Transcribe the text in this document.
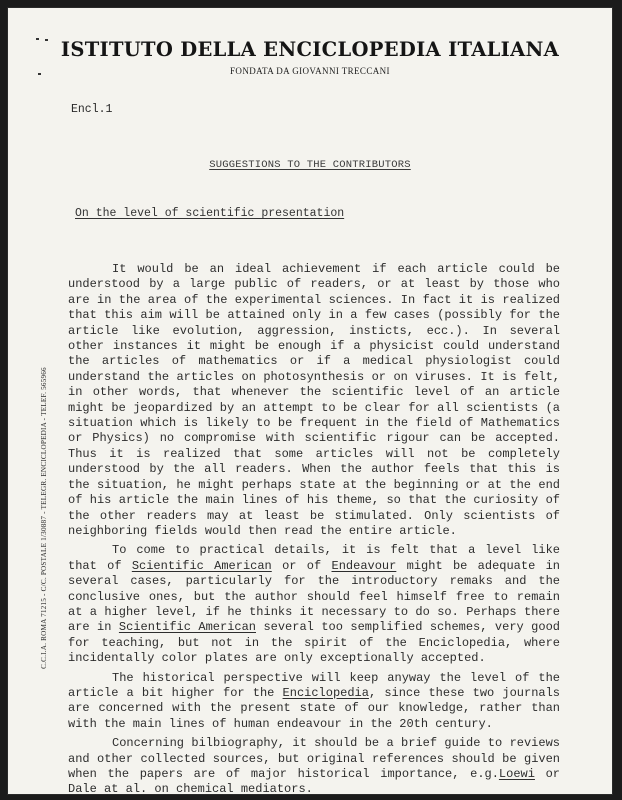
ISTITUTO DELLA ENCICLOPEDIA ITALIANA
FONDATA DA GIOVANNI TRECCANI
Encl.1
SUGGESTIONS TO THE CONTRIBUTORS
On the level of scientific presentation
C.C.I.A. ROMA 71215 - C/C. POSTALE 1/30887 - TELEGR. ENCICLOPEDIA - TELEF. 565966

It would be an ideal achievement if each article could be understood by a large public of readers, or at least by those who are in the area of the experimental sciences. In fact it is realized that this aim will be attained only in a few cases (possibly for the article like evolution, aggression, insticts, ecc.). In several other instances it might be enough if a physicist could understand the articles of mathematics or if a medical physiologist could understand the articles on photosynthesis or on viruses. It is felt, in other words, that whenever the scientific level of an article might be jeopardized by an attempt to be clear for all scientists (a situation which is likely to be frequent in the field of Mathematics or Physics) no compromise with scientific rigour can be accepted. Thus it is realized that some articles will not be completely understood by the all readers. When the author feels that this is the situation, he might perhaps state at the beginning or at the end of his article the main lines of his theme, so that the curiosity of the other readers may at least be stimulated. Only scientists of neighboring fields would then read the entire article.

To come to practical details, it is felt that a level like that of Scientific American or of Endeavour might be adequate in several cases, particularly for the introductory remaks and the conclusive ones, but the author should feel himself free to remain at a higher level, if he thinks it necessary to do so. Perhaps there are in Scientific American several too semplified schemes, very good for teaching, but not in the spirit of the Enciclopedia, where incidentally color plates are only exceptionally accepted.

The historical perspective will keep anyway the level of the article a bit higher for the Enciclopedia, since these two journals are concerned with the present state of our knowledge, rather than with the main lines of human endeavour in the 20th century.

Concerning bilbiography, it should be a brief guide to reviews and other collected sources, but original references should be given when the papers are of major historical importance, e.g.Loewi or Dale at al. on chemical mediators.
